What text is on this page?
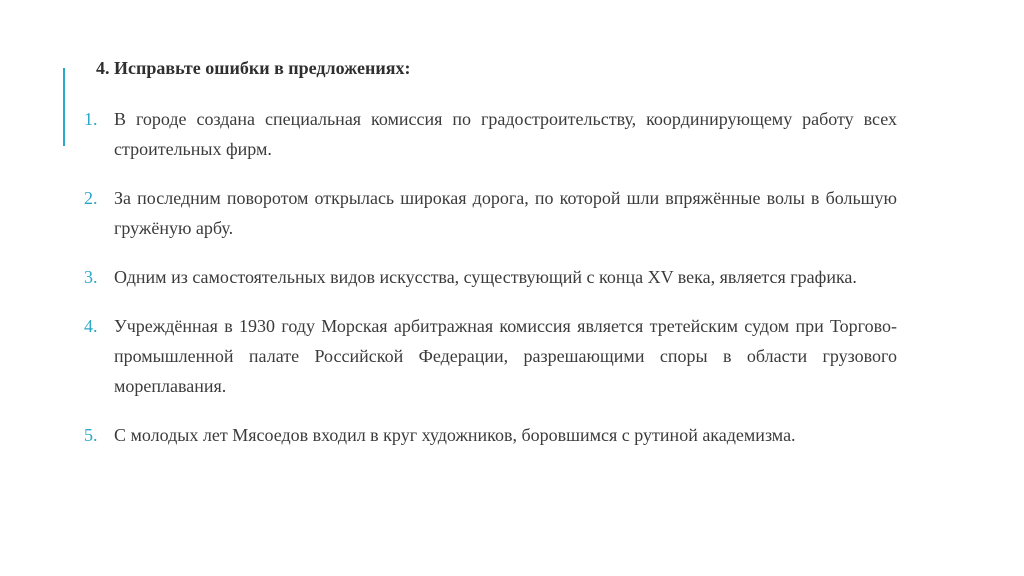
4. Исправьте ошибки в предложениях:
1. В городе создана специальная комиссия по градостроительству, координирующему работу всех строительных фирм.
2. За последним поворотом открылась широкая дорога, по которой шли впряжённые волы в большую гружёную арбу.
3. Одним из самостоятельных видов искусства, существующий с конца XV века, является графика.
4. Учреждённая в 1930 году Морская арбитражная комиссия является третейским судом при Торгово-промышленной палате Российской Федерации, разрешающими споры в области грузового мореплавания.
5. С молодых лет Мясоедов входил в круг художников, боровшимся с рутиной академизма.
